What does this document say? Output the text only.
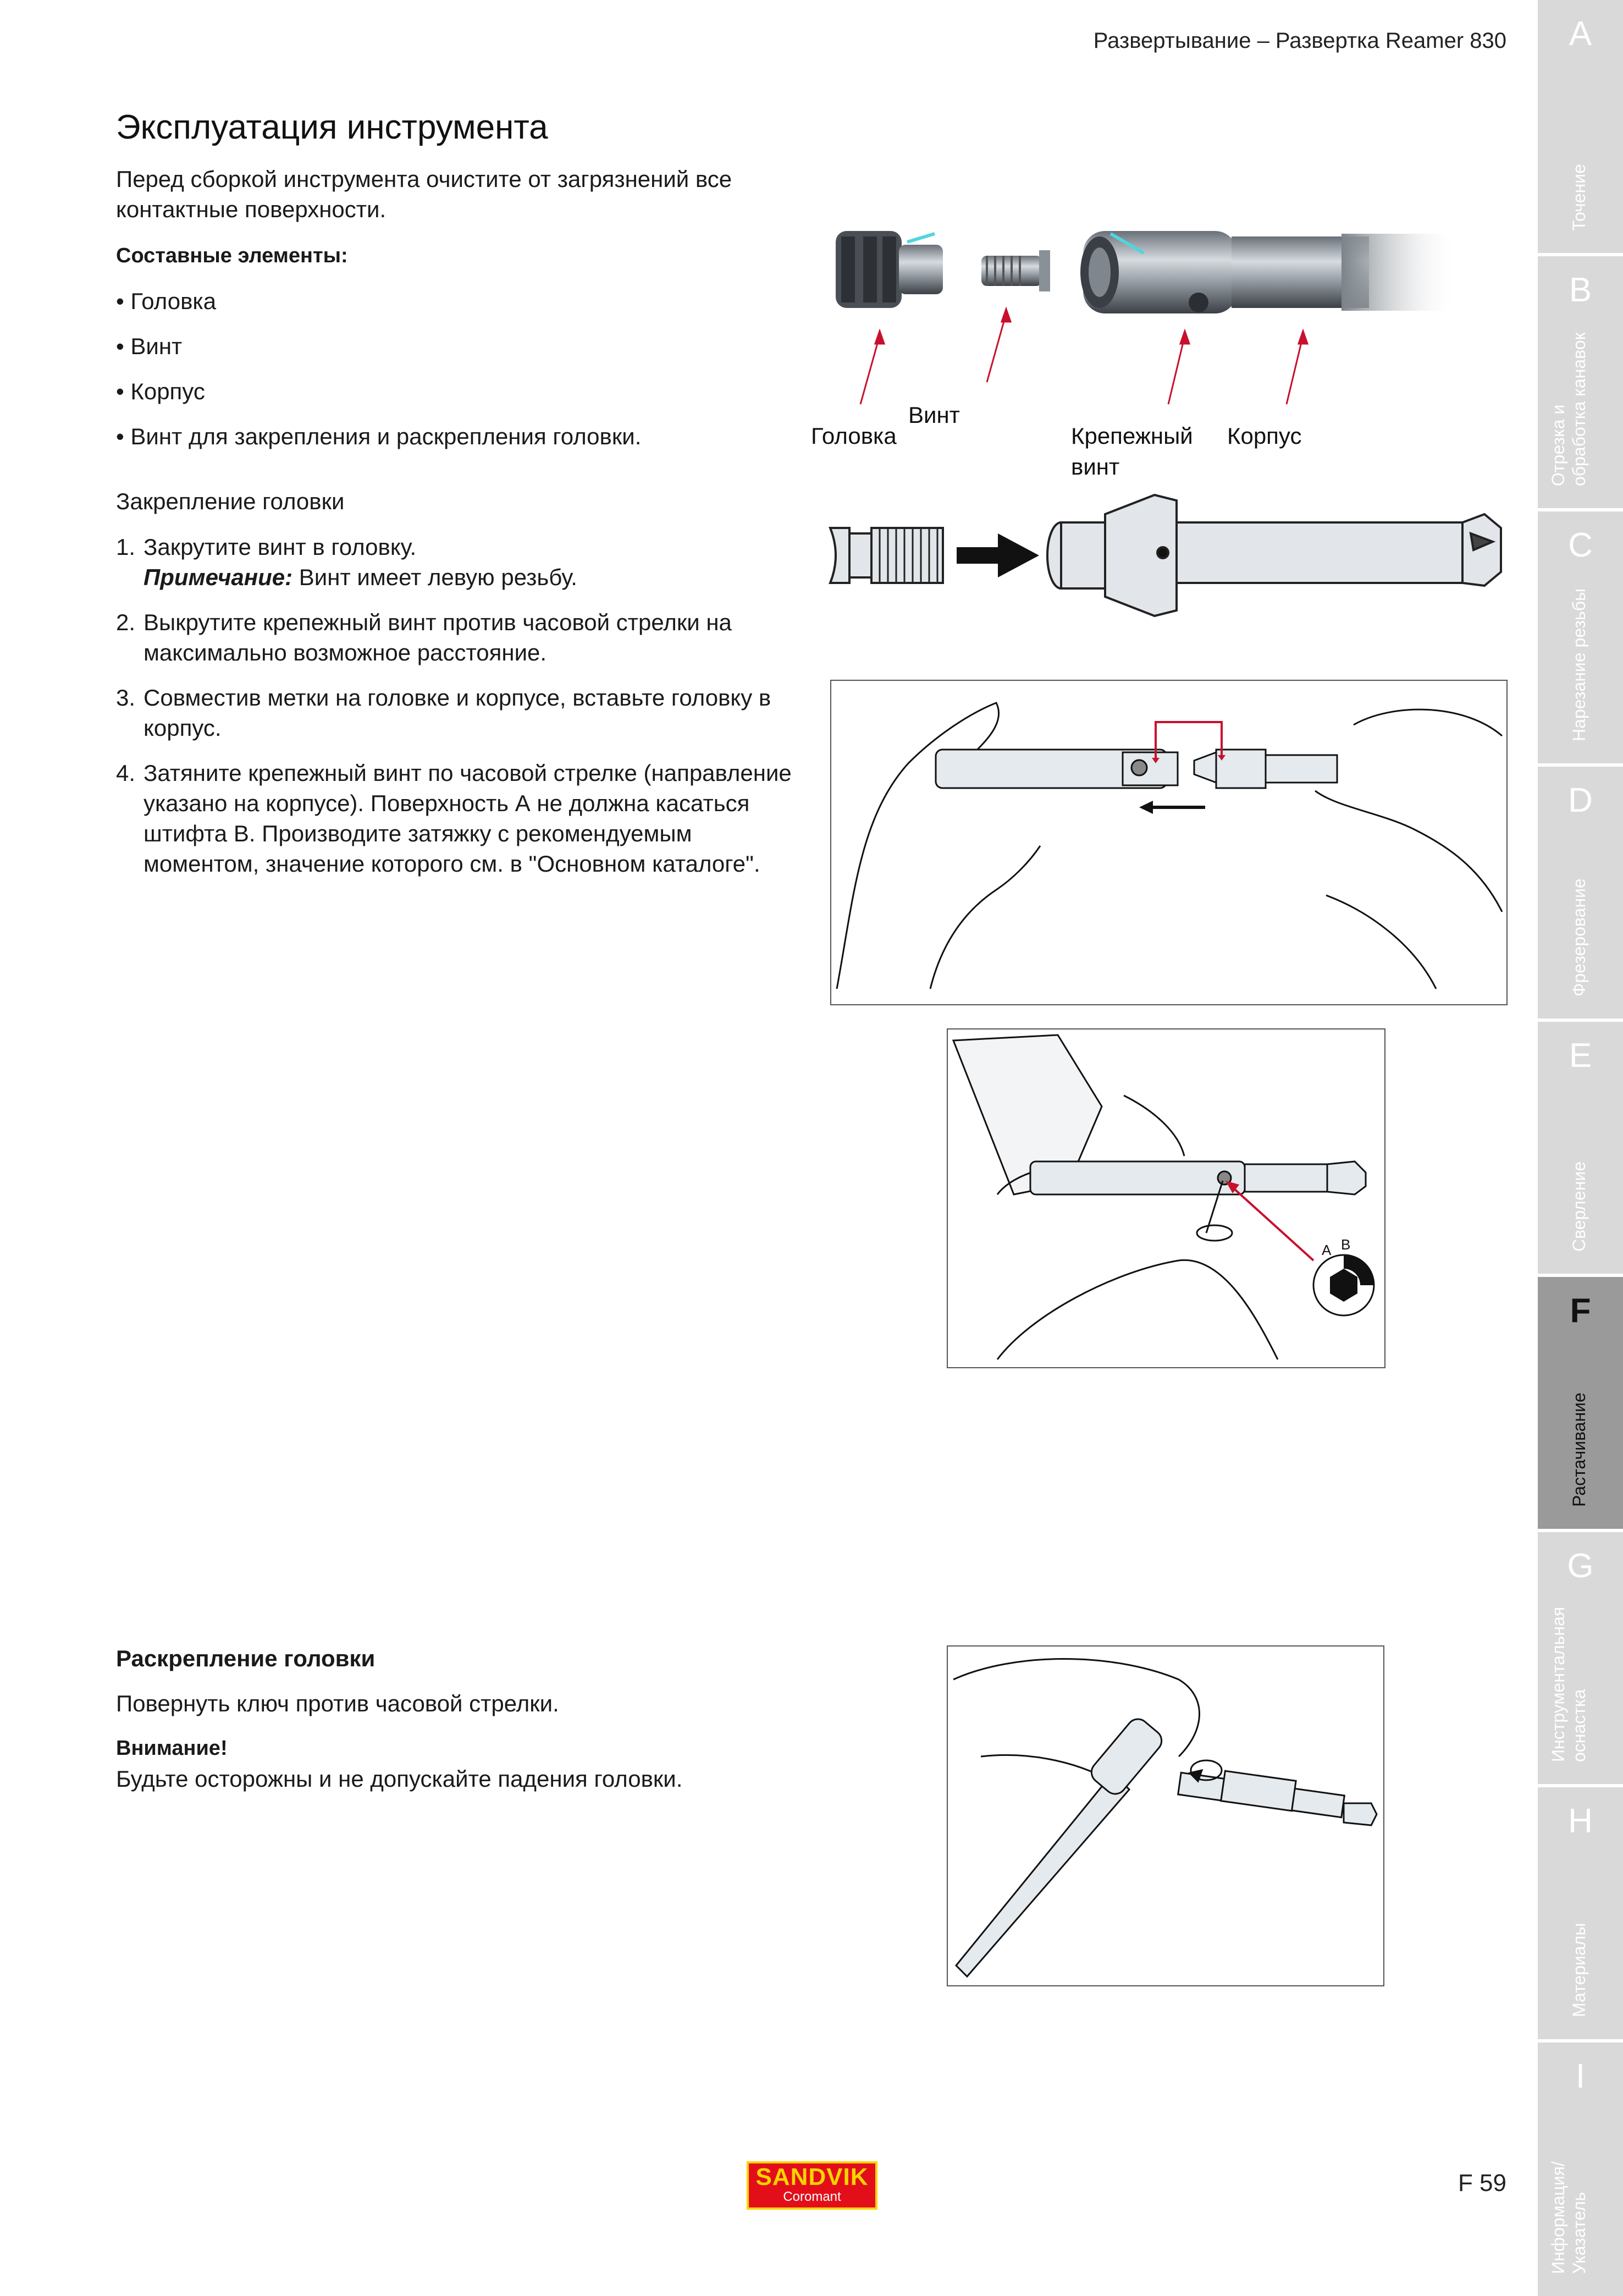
Развертывание – Развертка Reamer 830
Эксплуатация инструмента

Перед сборкой инструмента очистите от загрязнений все контактные поверхности.

Составные элементы:

• Головка
• Винт
• Корпус
• Винт для закрепления и раскрепления головки.

Закрепление головки

1. Закрутите винт в головку.
Примечание: Винт имеет левую резьбу.
2. Выкрутите крепежный винт против часовой стрелки на максимально возможное расстояние.
3. Совместив метки на головке и корпусе, вставьте головку в корпус.
4. Затяните крепежный винт по часовой стрелке (направление указано на корпусе). Поверхность А не должна касаться штифта В. Производите затяжку с рекомендуемым моментом, значение которого см. в "Основном каталоге".
Головка
Винт
Крепежный винт
Корпус
A B

Раскрепление головки

Повернуть ключ против часовой стрелки.

Внимание!

Будьте осторожны и не допускайте падения головки.

A
Точение
B
Отрезка и обработка канавок
C
Нарезание резьбы
D
Фрезерование
E
Сверление
F
Растачивание
G
Инструментальная оснастка
H
Материалы
I
Информация/ Указатель
SANDVIK
Coromant
F 59
